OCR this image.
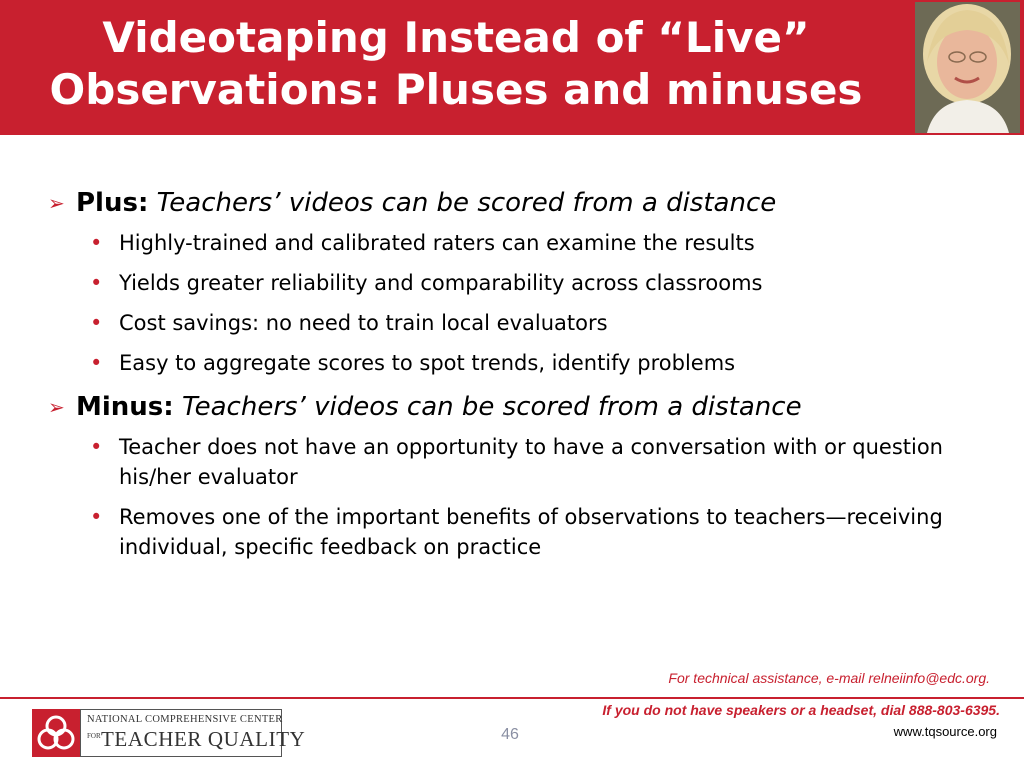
Videotaping Instead of “Live”
Observations: Pluses and minuses
➢ Plus: Teachers’ videos can be scored from a distance
• Highly-trained and calibrated raters can examine the results
• Yields greater reliability and comparability across classrooms
• Cost savings: no need to train local evaluators
• Easy to aggregate scores to spot trends, identify problems
➢ Minus: Teachers’ videos can be scored from a distance
• Teacher does not have an opportunity to have a conversation with or question his/her evaluator
• Removes one of the important benefits of observations to teachers—receiving individual, specific feedback on practice
For technical assistance, e-mail relneiinfo@edc.org.
If you do not have speakers or a headset, dial 888-803-6395.
NATIONAL COMPREHENSIVE CENTER
FOR TEACHER QUALITY	46	www.tqsource.org
